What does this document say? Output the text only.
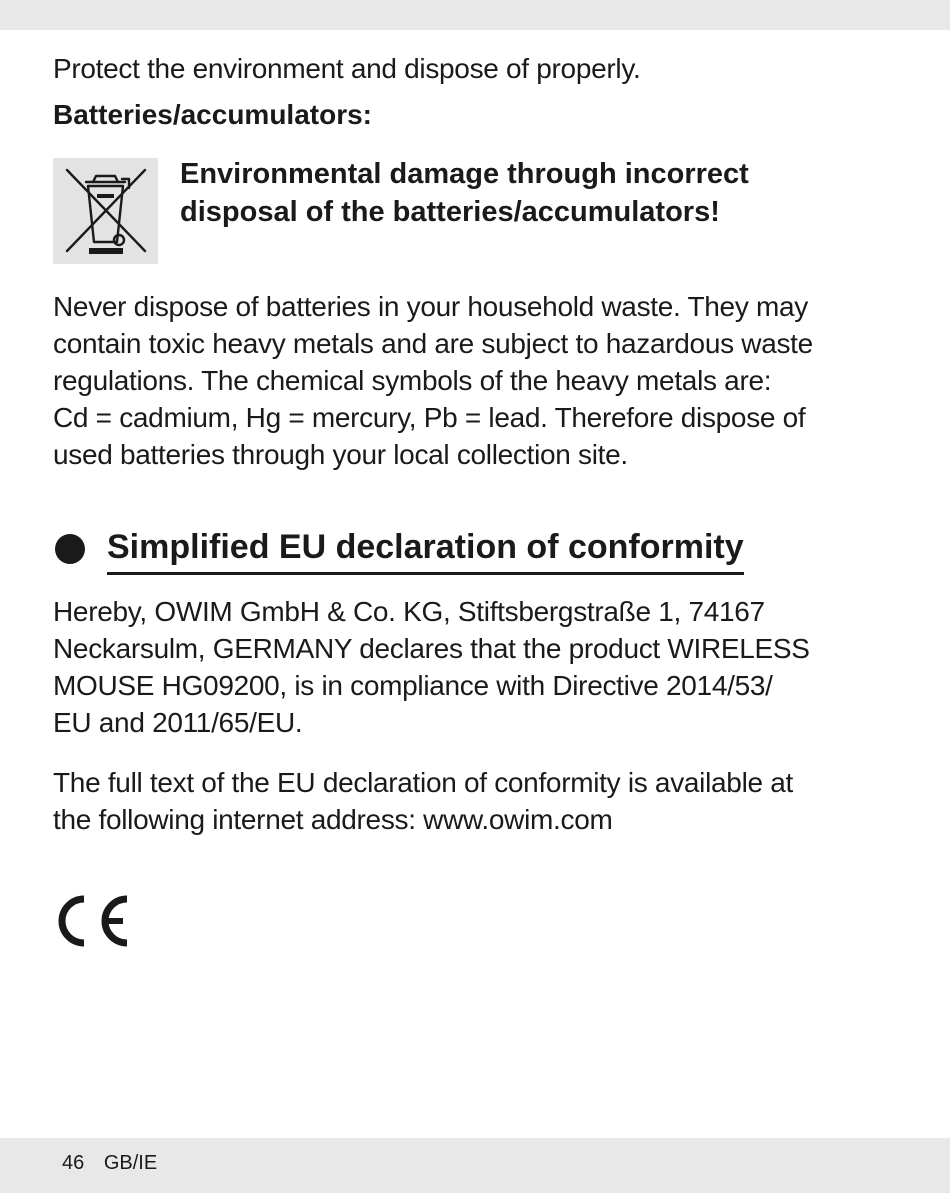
Protect the environment and dispose of properly.
Batteries/accumulators:
Environmental damage through incorrect
disposal of the batteries/accumulators!
Never dispose of batteries in your household waste. They may
contain toxic heavy metals and are subject to hazardous waste
regulations. The chemical symbols of the heavy metals are:
Cd = cadmium, Hg = mercury, Pb = lead. Therefore dispose of
used batteries through your local collection site.
Simplified EU declaration of conformity
Hereby, OWIM GmbH & Co. KG, Stiftsbergstraße 1, 74167
Neckarsulm, GERMANY declares that the product WIRELESS
MOUSE HG09200, is in compliance with Directive 2014/53/
EU and 2011/65/EU.
The full text of the EU declaration of conformity is available at
the following internet address: www.owim.com
46 GB/IE
